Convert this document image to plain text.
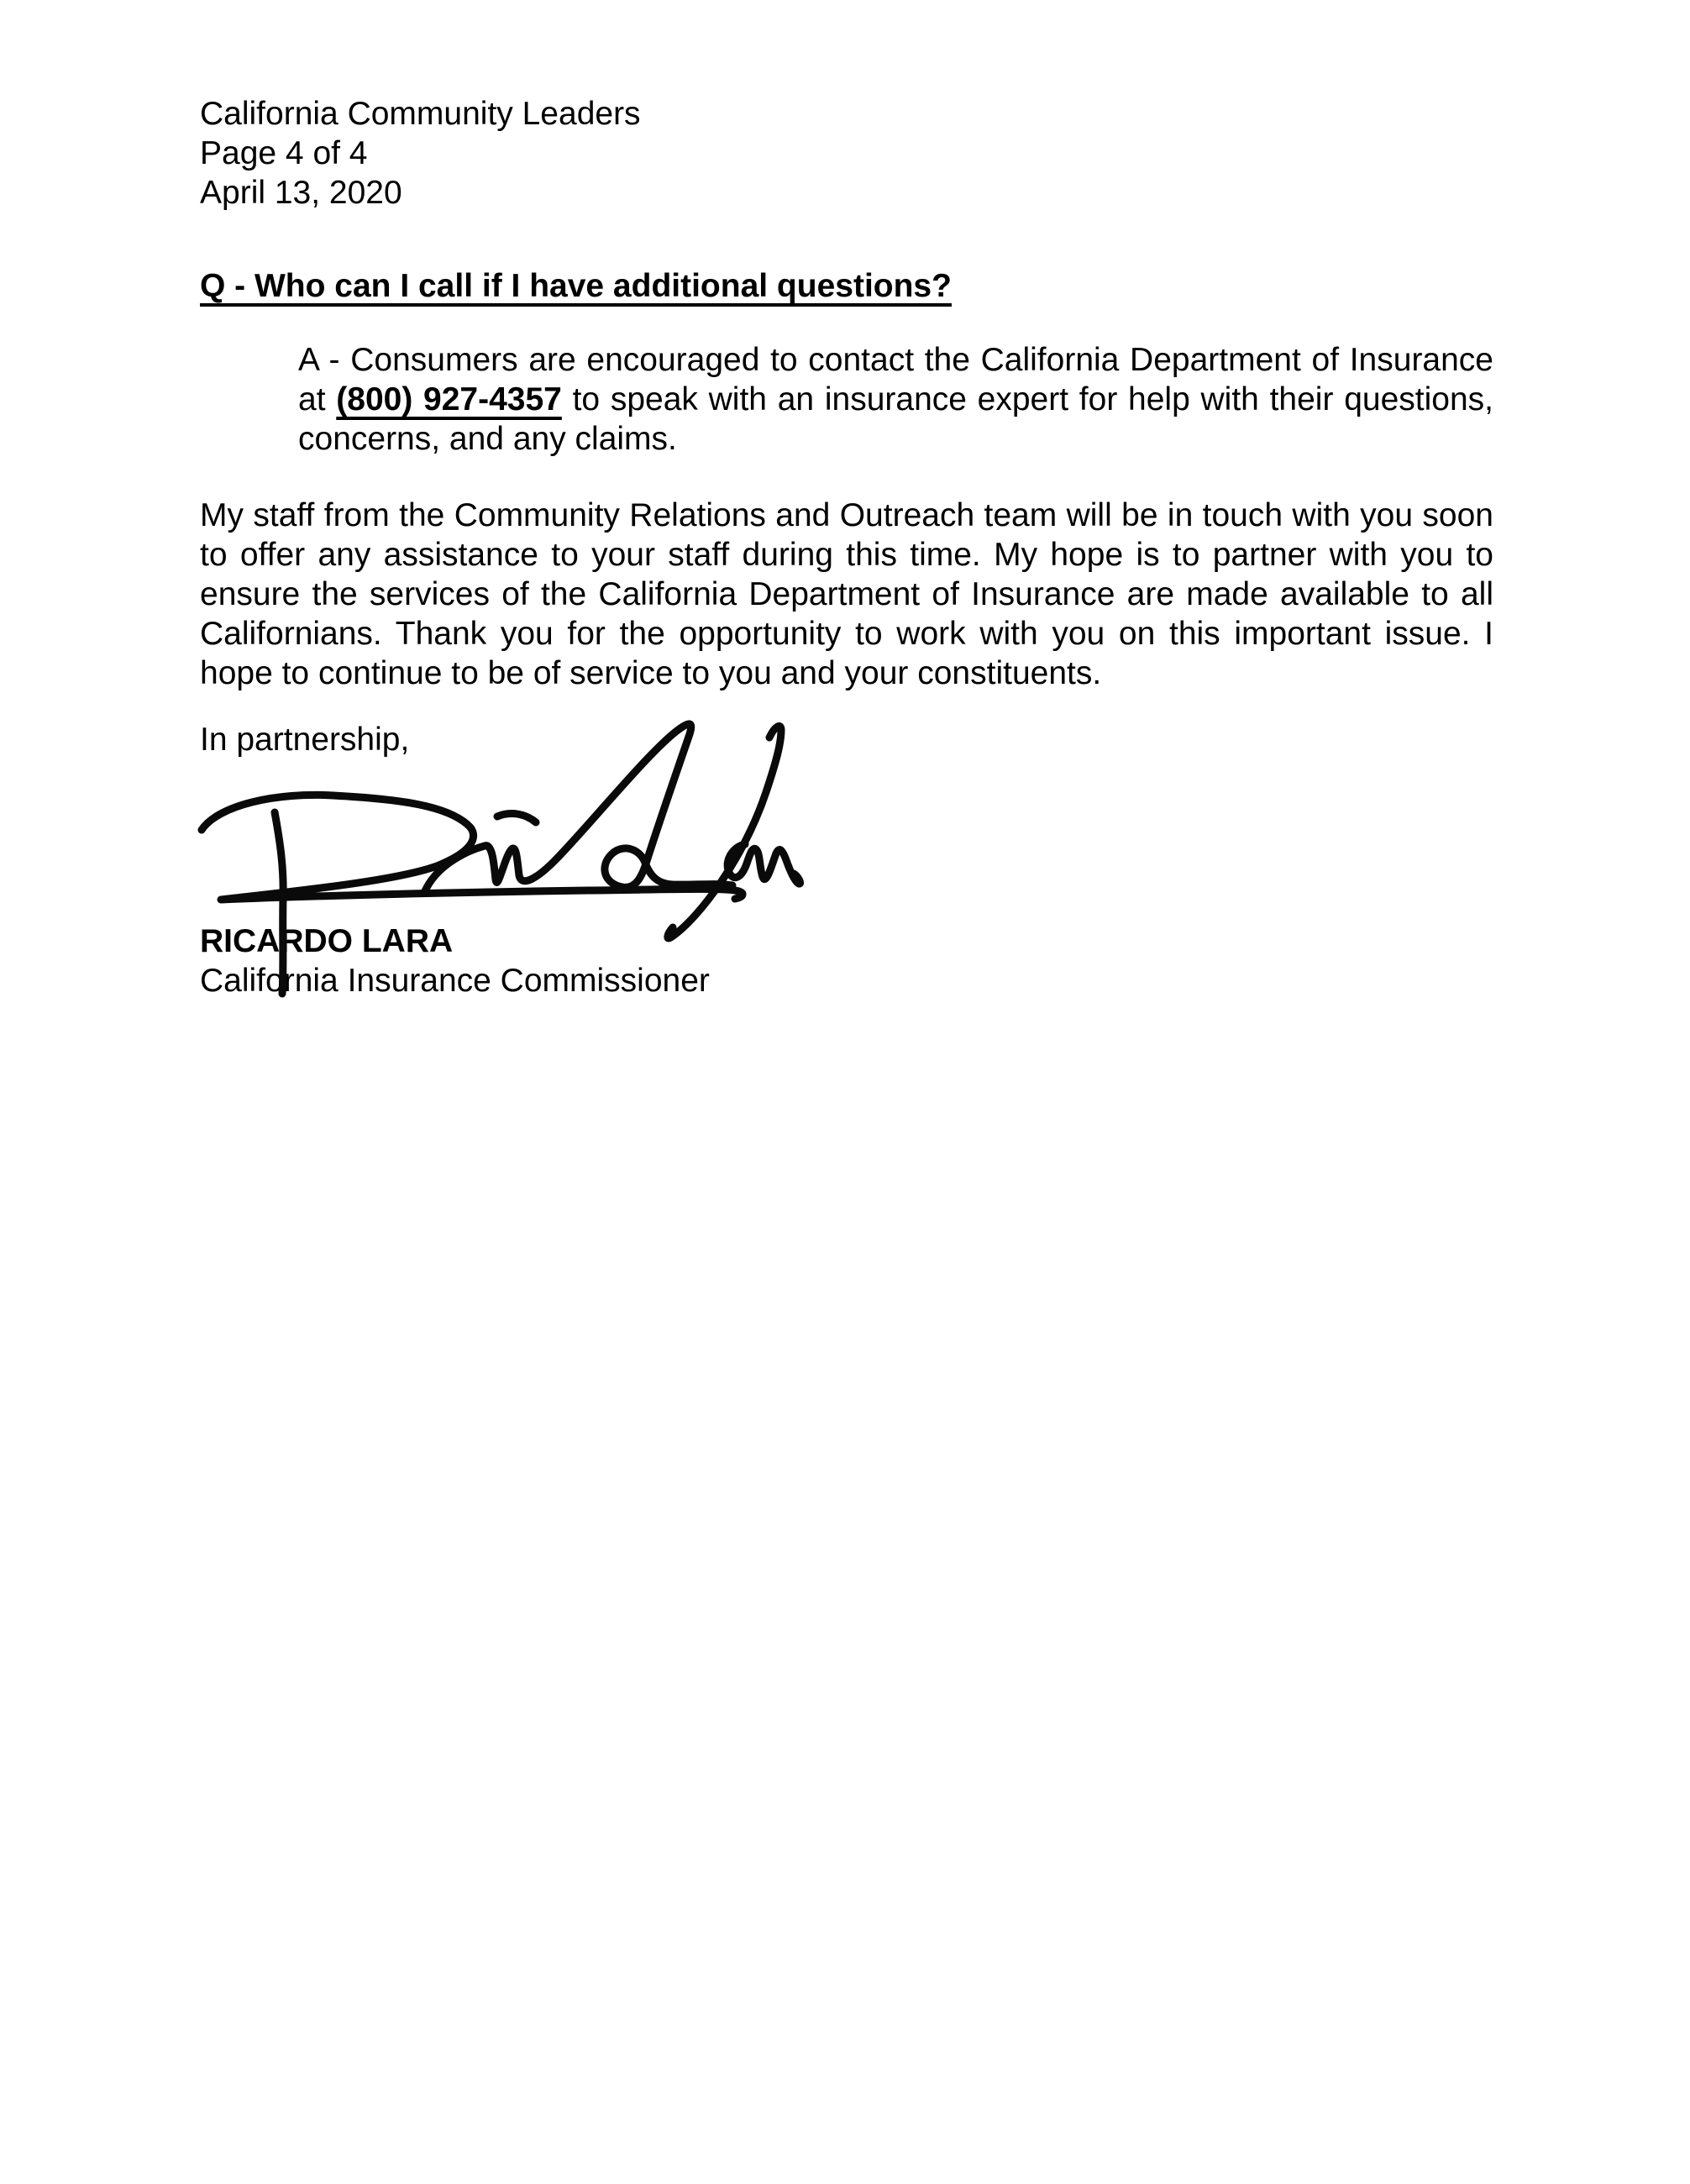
California Community Leaders
Page 4 of 4
April 13, 2020
Q - Who can I call if I have additional questions?

A - Consumers are encouraged to contact the California Department of Insurance at (800) 927-4357 to speak with an insurance expert for help with their questions, concerns, and any claims.

My staff from the Community Relations and Outreach team will be in touch with you soon to offer any assistance to your staff during this time. My hope is to partner with you to ensure the services of the California Department of Insurance are made available to all Californians. Thank you for the opportunity to work with you on this important issue. I hope to continue to be of service to you and your constituents.

In partnership,

RICARDO LARA
California Insurance Commissioner
